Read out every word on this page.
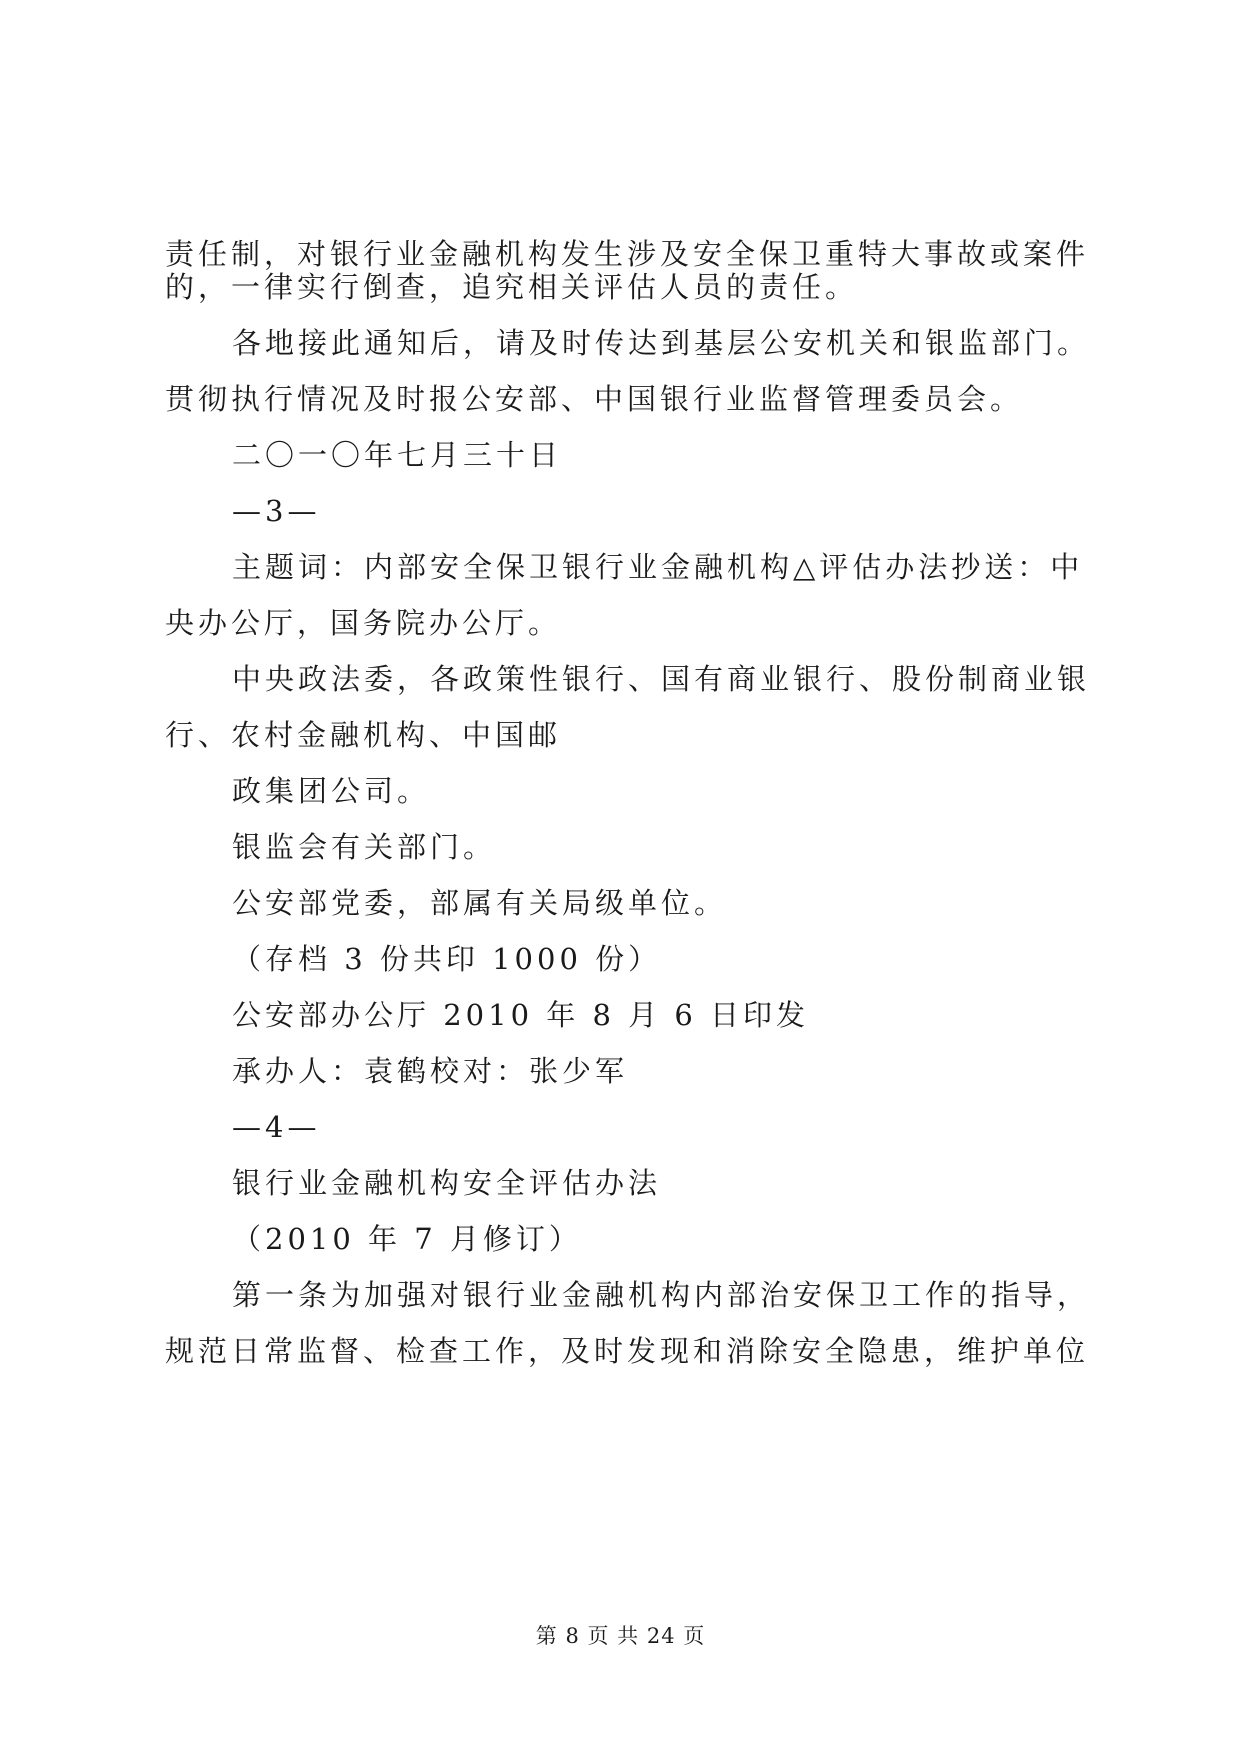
责任制，对银行业金融机构发生涉及安全保卫重特大事故或案件
的，一律实行倒查，追究相关评估人员的责任。
各地接此通知后，请及时传达到基层公安机关和银监部门。
贯彻执行情况及时报公安部、中国银行业监督管理委员会。
二〇一〇年七月三十日
—3—
主题词：内部安全保卫银行业金融机构△评估办法抄送：中
央办公厅，国务院办公厅。
中央政法委，各政策性银行、国有商业银行、股份制商业银
行、农村金融机构、中国邮
政集团公司。
银监会有关部门。
公安部党委，部属有关局级单位。
（存档 3 份共印 1000 份）
公安部办公厅 2010 年 8 月 6 日印发
承办人：袁鹤校对：张少军
—4—
银行业金融机构安全评估办法
（2010 年 7 月修订）
第一条为加强对银行业金融机构内部治安保卫工作的指导，
规范日常监督、检查工作，及时发现和消除安全隐患，维护单位
第 8 页 共 24 页
